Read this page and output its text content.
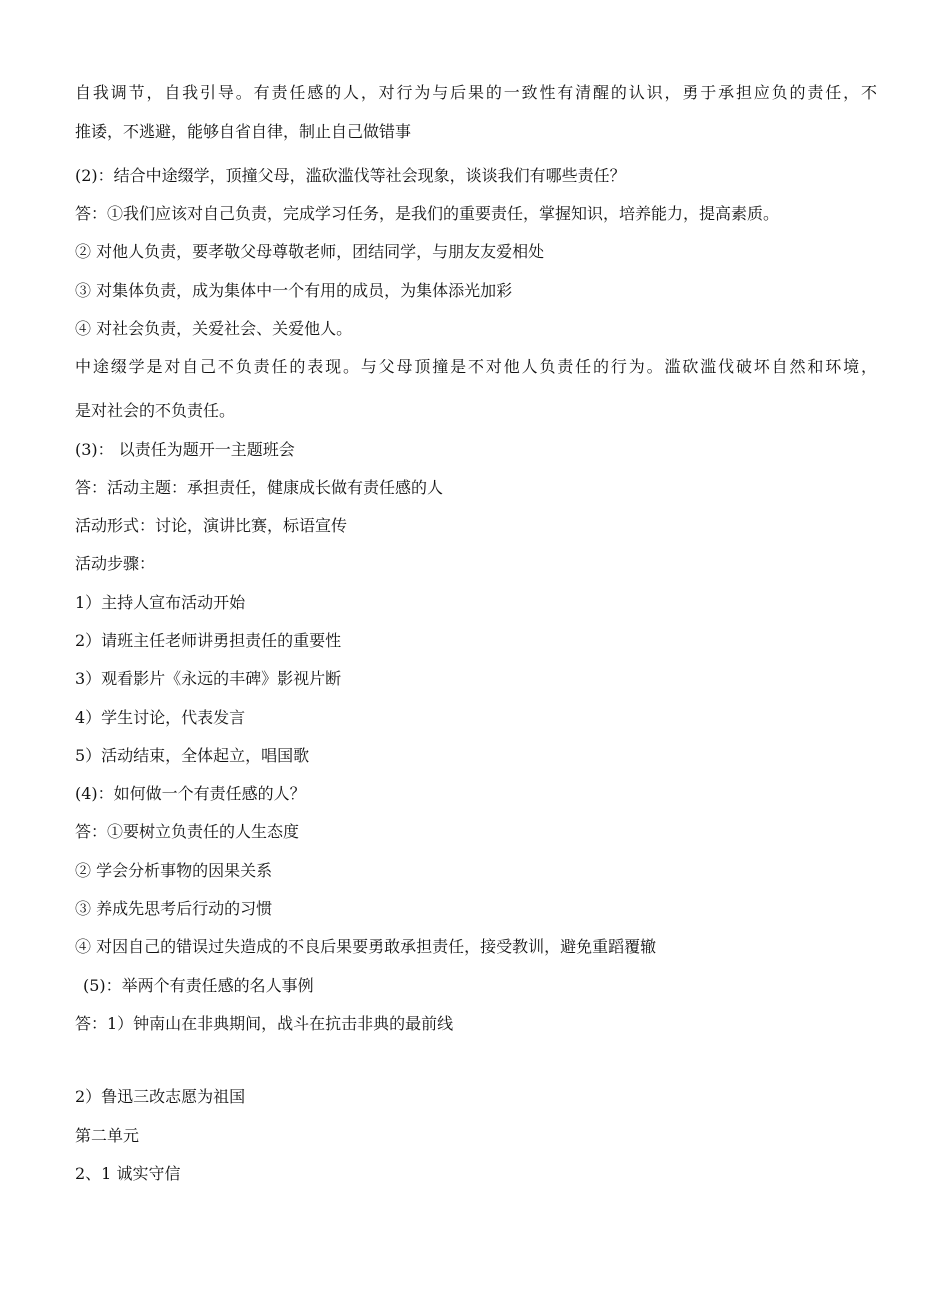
自我调节，自我引导。有责任感的人，对行为与后果的一致性有清醒的认识，勇于承担应负的责任，不

推诿，不逃避，能够自省自律，制止自己做错事

(2)：结合中途缀学，顶撞父母，滥砍滥伐等社会现象，谈谈我们有哪些责任？

答：①我们应该对自己负责，完成学习任务，是我们的重要责任，掌握知识，培养能力，提高素质。

② 对他人负责，要孝敬父母尊敬老师，团结同学，与朋友友爱相处

③ 对集体负责，成为集体中一个有用的成员，为集体添光加彩

④ 对社会负责，关爱社会、关爱他人。

中途缀学是对自己不负责任的表现。与父母顶撞是不对他人负责任的行为。滥砍滥伐破坏自然和环境，

是对社会的不负责任。

(3)： 以责任为题开一主题班会

答：活动主题：承担责任，健康成长做有责任感的人

活动形式：讨论，演讲比赛，标语宣传

活动步骤：

1）主持人宣布活动开始

2）请班主任老师讲勇担责任的重要性

3）观看影片《永远的丰碑》影视片断

4）学生讨论，代表发言

5）活动结束，全体起立，唱国歌

(4)：如何做一个有责任感的人？

答：①要树立负责任的人生态度

② 学会分析事物的因果关系

③ 养成先思考后行动的习惯

④ 对因自己的错误过失造成的不良后果要勇敢承担责任，接受教训，避免重蹈覆辙

(5)：举两个有责任感的名人事例

答：1）钟南山在非典期间，战斗在抗击非典的最前线

2）鲁迅三改志愿为祖国

第二单元

2、1 诚实守信
